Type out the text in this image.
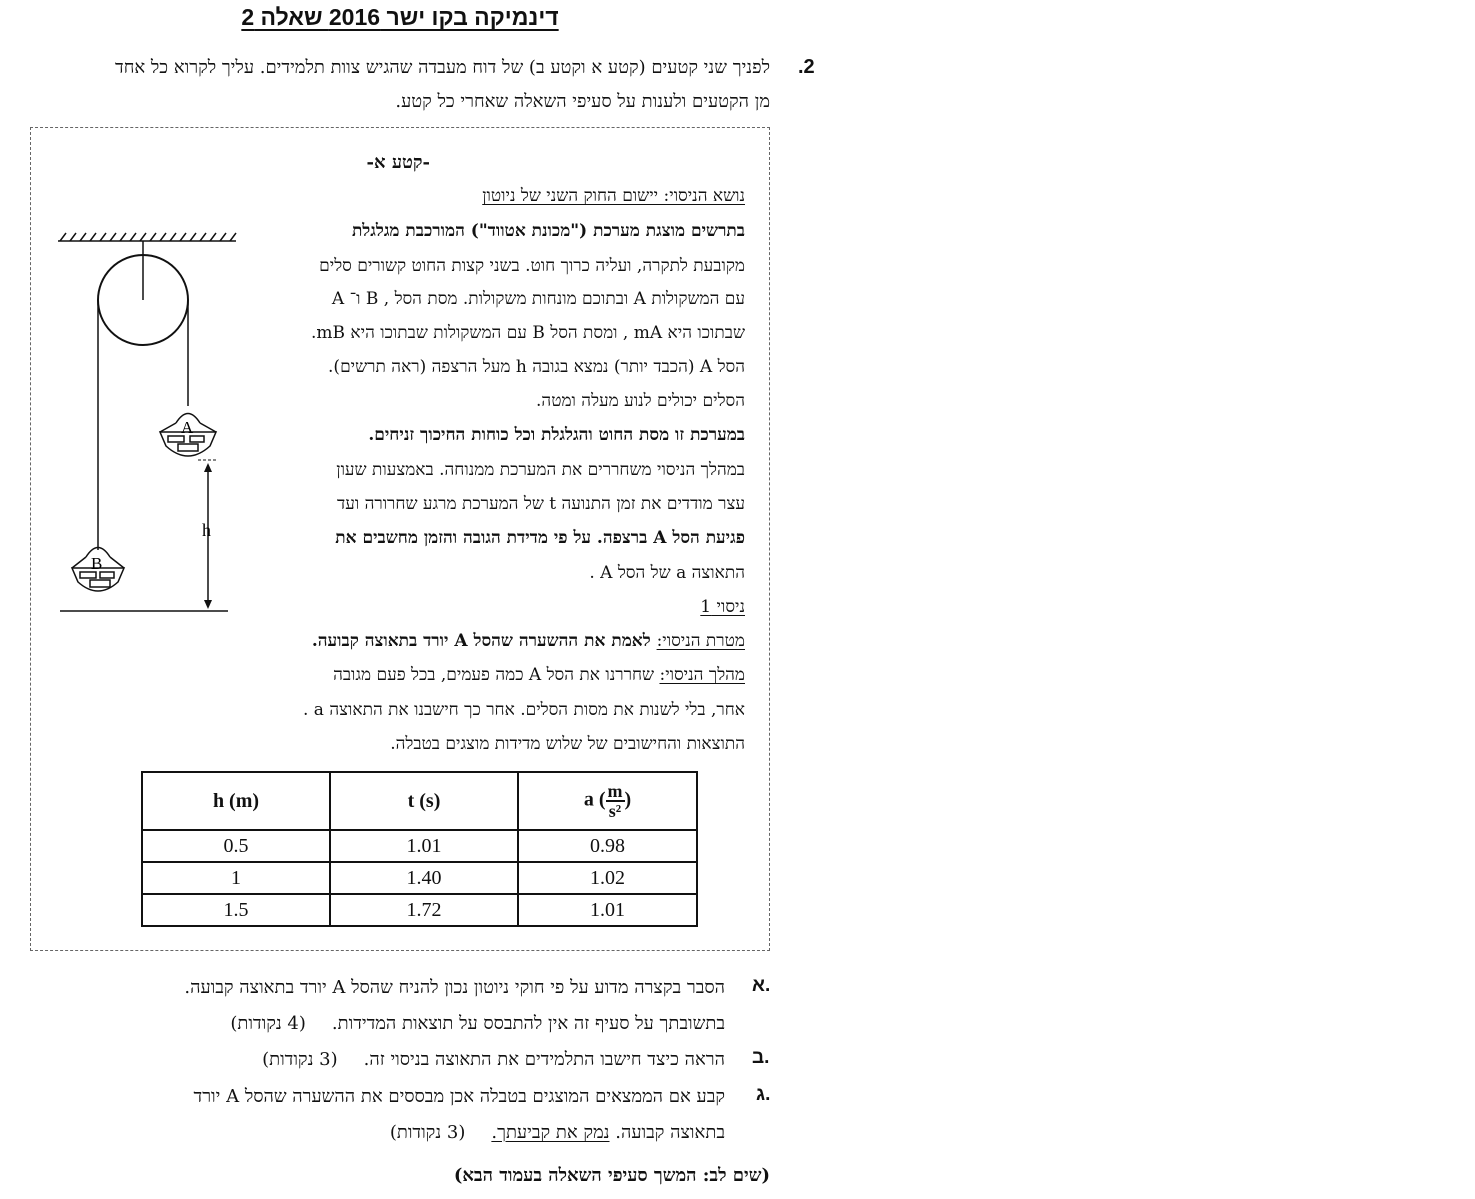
דינמיקה בקו ישר 2016 שאלה 2
.2
לפניך שני קטעים (קטע א וקטע ב) של דוח מעבדה שהגיש צוות תלמידים. עליך לקרוא כל אחד
מן הקטעים ולענות על סעיפי השאלה שאחרי כל קטע.
-קטע א-
נושא הניסוי: יישום החוק השני של ניוטון
בתרשים מוצגת מערכת ("מכונת אטווד") המורכבת מגלגלת
מקובעת לתקרה, ועליה כרוך חוט. בשני קצות החוט קשורים סלים
A ו־ B , ובתוכם מונחות משקולות. מסת הסל A עם המשקולות
שבתוכו היא mA , ומסת הסל B עם המשקולות שבתוכו היא mB.
הסל A (הכבד יותר) נמצא בגובה h מעל הרצפה (ראה תרשים).
הסלים יכולים לנוע מעלה ומטה.
במערכת זו מסת החוט והגלגלת וכל כוחות החיכוך זניחים.
במהלך הניסוי משחררים את המערכת ממנוחה. באמצעות שעון
עצר מודדים את זמן התנועה t של המערכת מרגע שחרורה ועד
פגיעת הסל A ברצפה. על פי מדידת הגובה והזמן מחשבים את
התאוצה a של הסל A .
ניסוי 1
מטרת הניסוי: לאמת את ההשערה שהסל A יורד בתאוצה קבועה.
מהלך הניסוי: שחררנו את הסל A כמה פעמים, בכל פעם מגובה
אחר, בלי לשנות את מסות הסלים. אחר כך חישבנו את התאוצה a .
התוצאות והחישובים של שלוש מדידות מוצגים בטבלה.
A
B
h
h (m)	t (s)	a ( $\frac{m}{\text{s²}}$ )
0.5	1.01	0.98
1	1.40	1.02
1.5	1.72	1.01
א.
הסבר בקצרה מדוע על פי חוקי ניוטון נכון להניח שהסל A יורד בתאוצה קבועה.
בתשובתך על סעיף זה אין להתבסס על תוצאות המדידות.(4 נקודות)
ב.
הראה כיצד חישבו התלמידים את התאוצה בניסוי זה.(3 נקודות)
ג.
קבע אם הממצאים המוצגים בטבלה אכן מבססים את ההשערה שהסל A יורד
בתאוצה קבועה. נמק את קביעתך.(3 נקודות)
(שים לב: המשך סעיפי השאלה בעמוד הבא)
